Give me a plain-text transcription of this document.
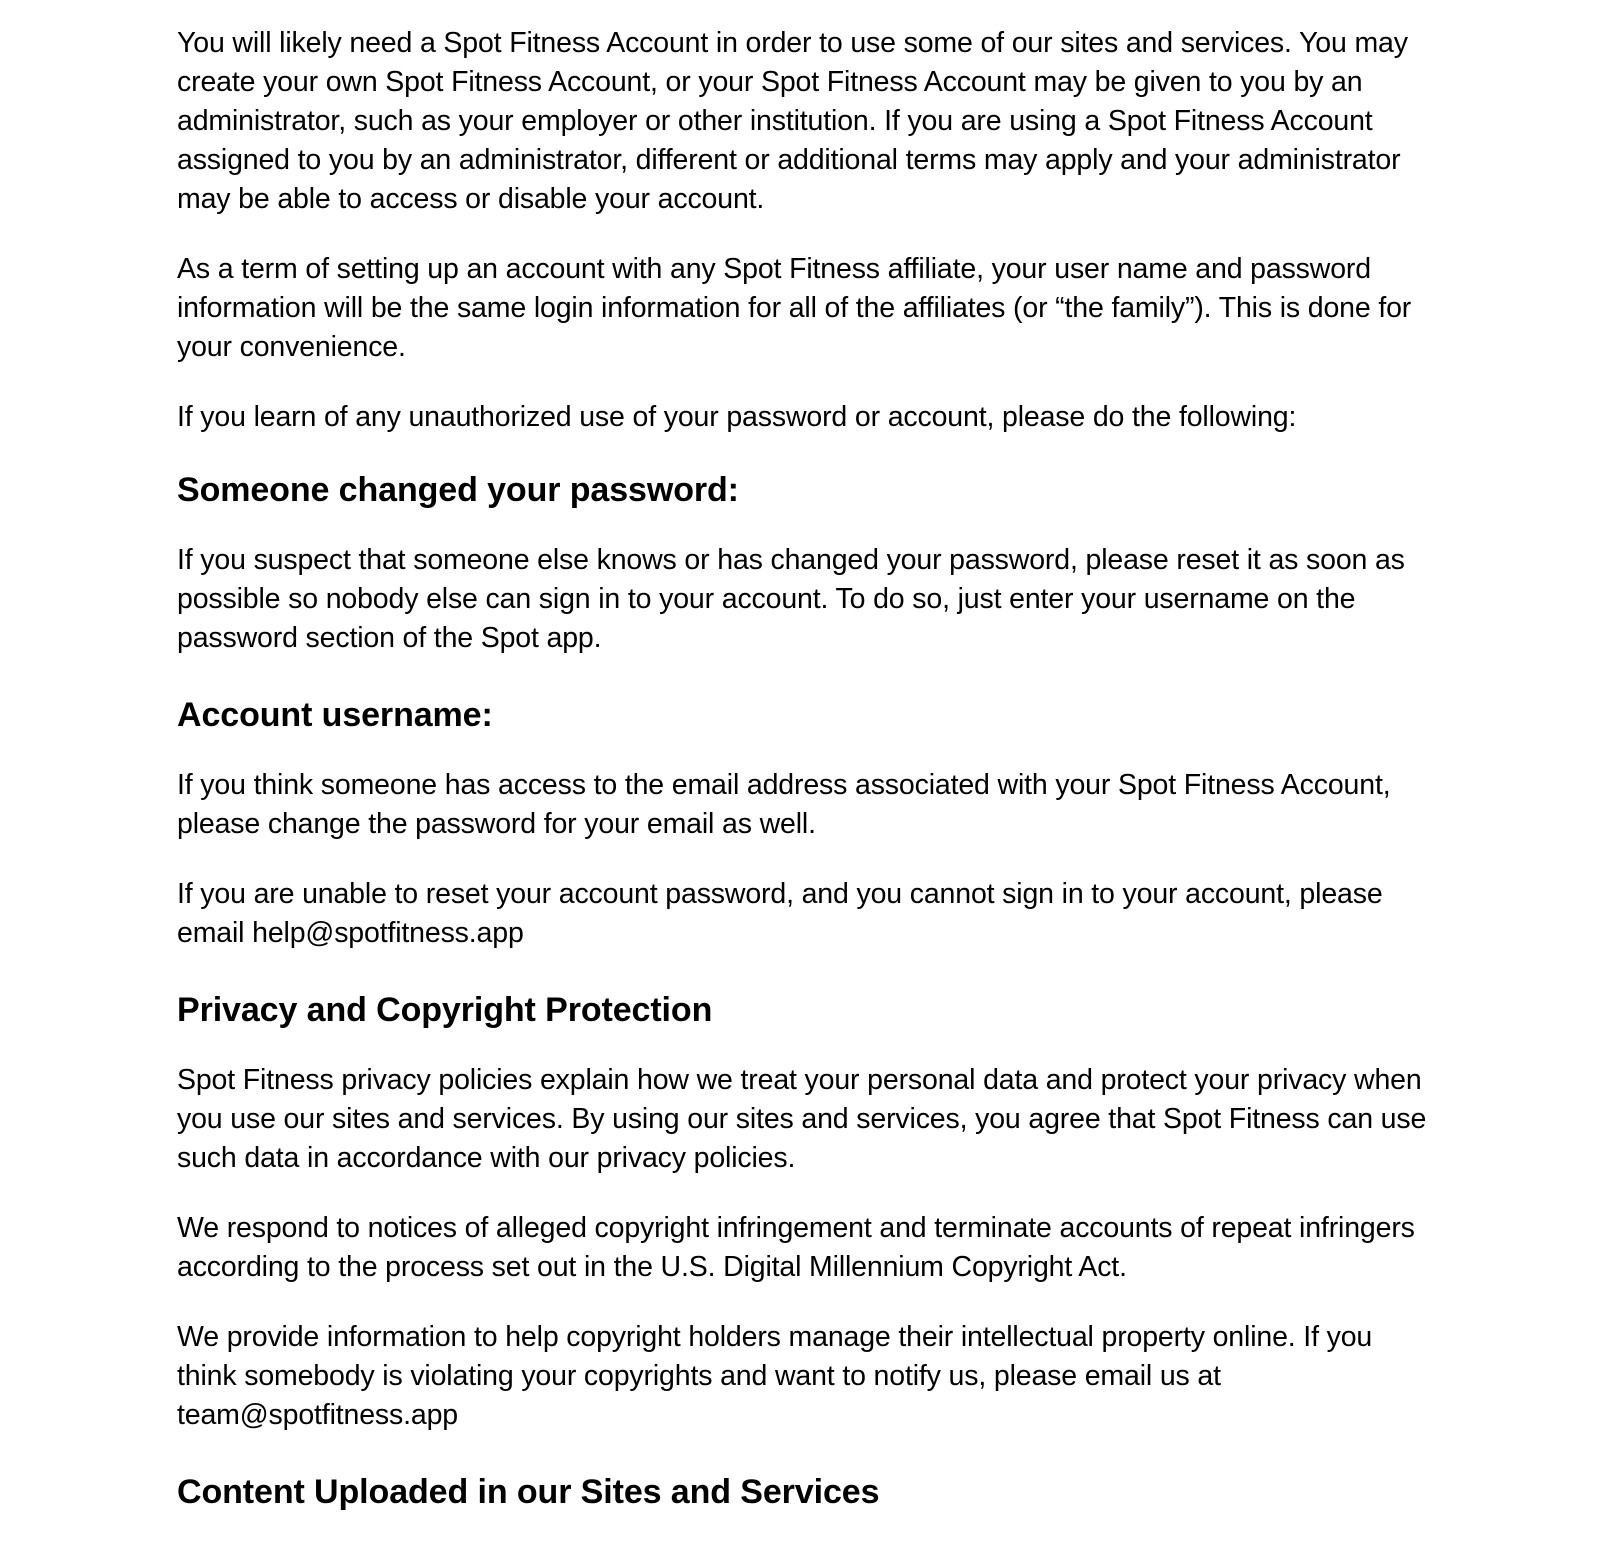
You will likely need a Spot Fitness Account in order to use some of our sites and services. You may create your own Spot Fitness Account, or your Spot Fitness Account may be given to you by an administrator, such as your employer or other institution. If you are using a Spot Fitness Account assigned to you by an administrator, different or additional terms may apply and your administrator may be able to access or disable your account.

As a term of setting up an account with any Spot Fitness affiliate, your user name and password information will be the same login information for all of the affiliates (or “the family”). This is done for your convenience.

If you learn of any unauthorized use of your password or account, please do the following:

Someone changed your password:

If you suspect that someone else knows or has changed your password, please reset it as soon as possible so nobody else can sign in to your account. To do so, just enter your username on the password section of the Spot app.

Account username:

If you think someone has access to the email address associated with your Spot Fitness Account, please change the password for your email as well.

If you are unable to reset your account password, and you cannot sign in to your account, please email help@spotfitness.app

Privacy and Copyright Protection

Spot Fitness privacy policies explain how we treat your personal data and protect your privacy when you use our sites and services. By using our sites and services, you agree that Spot Fitness can use such data in accordance with our privacy policies.

We respond to notices of alleged copyright infringement and terminate accounts of repeat infringers according to the process set out in the U.S. Digital Millennium Copyright Act.

We provide information to help copyright holders manage their intellectual property online. If you think somebody is violating your copyrights and want to notify us, please email us at team@spotfitness.app

Content Uploaded in our Sites and Services
